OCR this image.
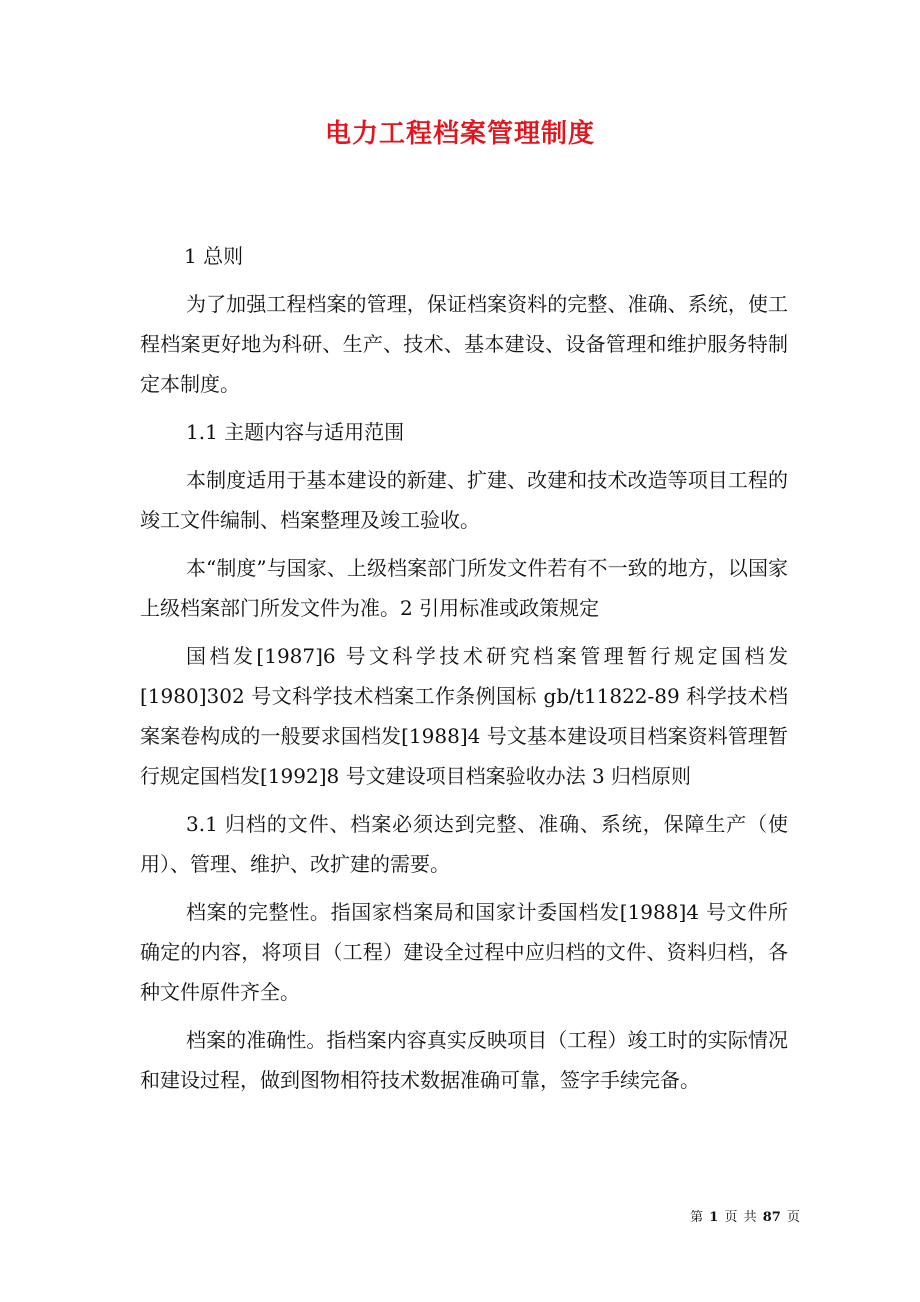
电力工程档案管理制度

1 总则

为了加强工程档案的管理，保证档案资料的完整、准确、系统，使工程档案更好地为科研、生产、技术、基本建设、设备管理和维护服务特制定本制度。

1.1 主题内容与适用范围

本制度适用于基本建设的新建、扩建、改建和技术改造等项目工程的竣工文件编制、档案整理及竣工验收。

本“制度”与国家、上级档案部门所发文件若有不一致的地方，以国家上级档案部门所发文件为准。2 引用标准或政策规定

国档发[1987]6 号文科学技术研究档案管理暂行规定国档发[1980]302 号文科学技术档案工作条例国标 gb/t11822-89 科学技术档案案卷构成的一般要求国档发[1988]4 号文基本建设项目档案资料管理暂行规定国档发[1992]8 号文建设项目档案验收办法 3 归档原则

3.1 归档的文件、档案必须达到完整、准确、系统，保障生产（使用）、管理、维护、改扩建的需要。

档案的完整性。指国家档案局和国家计委国档发[1988]4 号文件所确定的内容，将项目（工程）建设全过程中应归档的文件、资料归档，各种文件原件齐全。

档案的准确性。指档案内容真实反映项目（工程）竣工时的实际情况和建设过程，做到图物相符技术数据准确可靠，签字手续完备。

第 1 页 共 87 页
